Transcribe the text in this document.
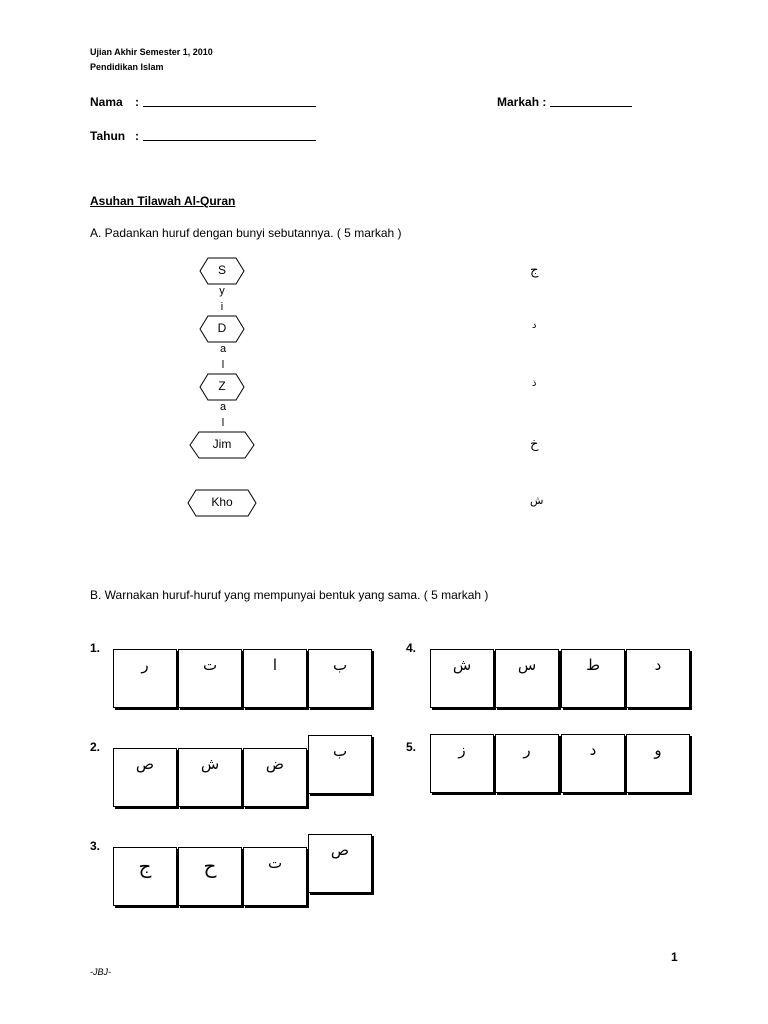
Ujian Akhir Semester 1, 2010
Pendidikan Islam
Nama :
Tahun :
Markah :
Asuhan Tilawah Al-Quran
A. Padankan huruf dengan bunyi sebutannya. ( 5 markah )
S
D
Z
Jim
Kho
y
i
a
l
a
l
ج
د
ذ
خ
ش
B. Warnakan huruf-huruf yang mempunyai bentuk yang sama. ( 5 markah )
1.
ر	ت	ا	ب
2.
ص	ش	ض
ب
3.
ج	ح	ت
ص
4.
ش	س	ط	د
5.	ز	ر	د	و
1
-JBJ-
